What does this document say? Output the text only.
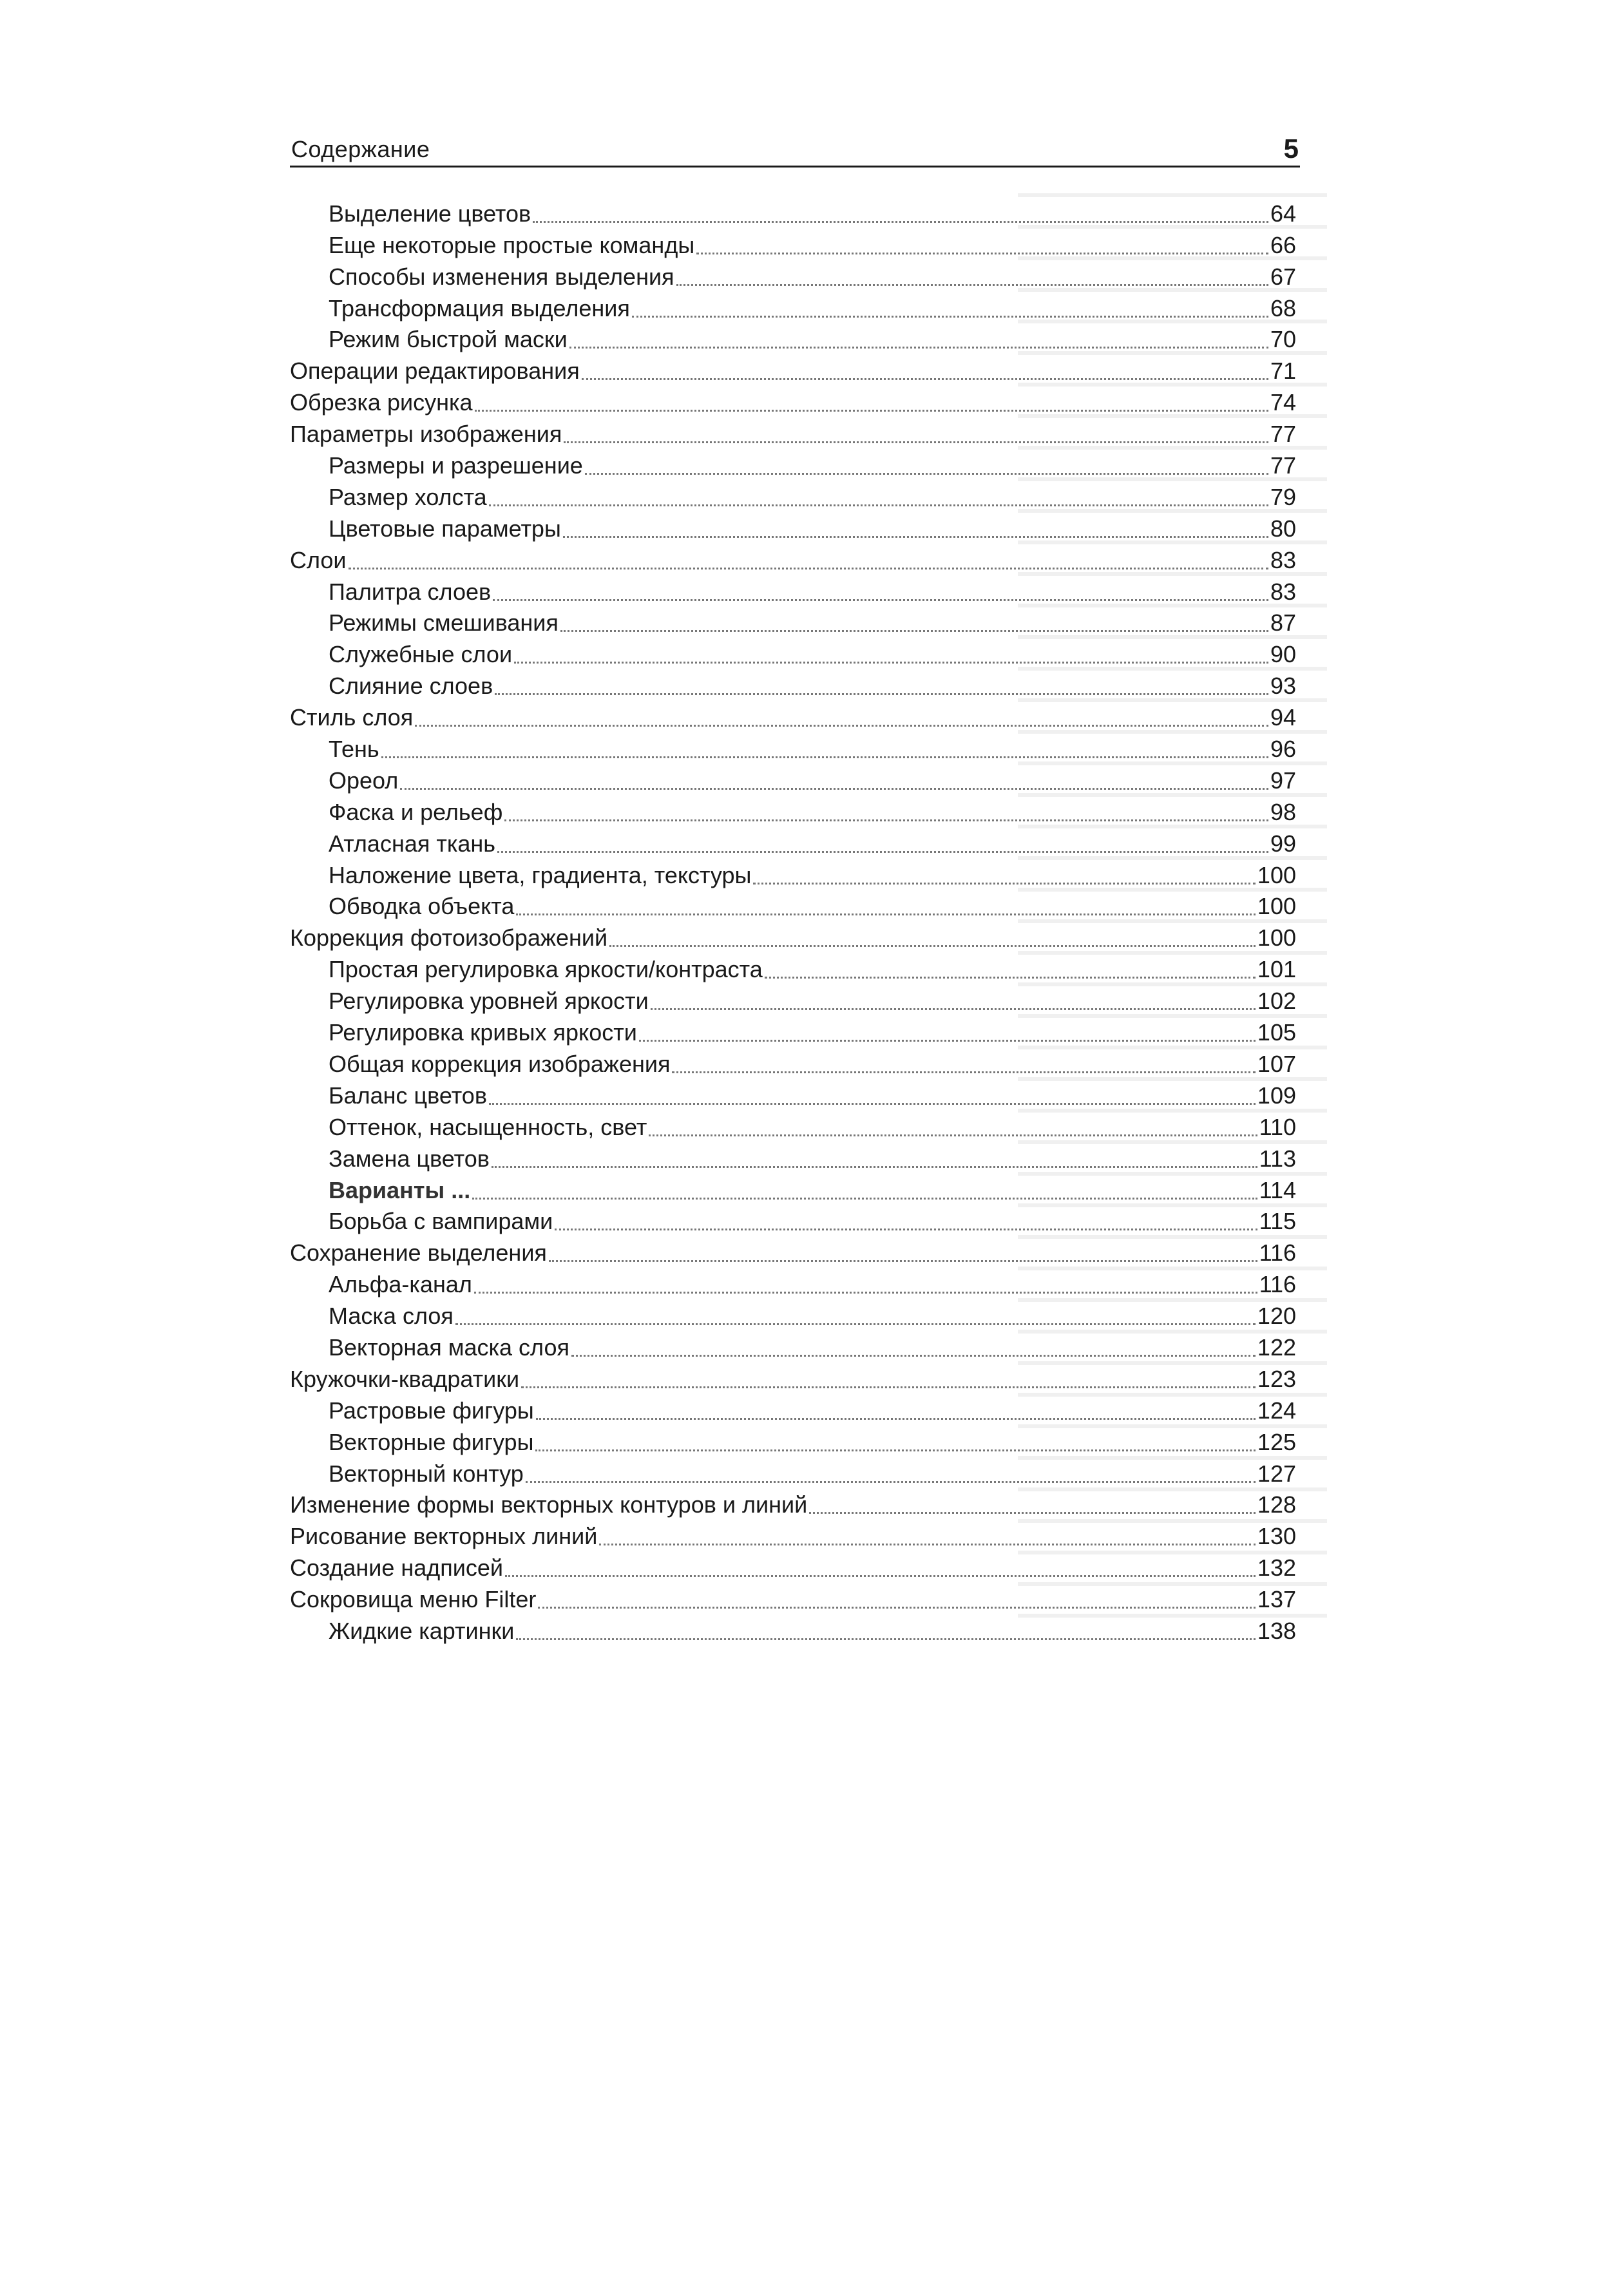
Содержание	5
Выделение цветов	64
Еще некоторые простые команды	66
Способы изменения выделения	67
Трансформация выделения	68
Режим быстрой маски	70
Операции редактирования	71
Обрезка рисунка	74
Параметры изображения	77
Размеры и разрешение	77
Размер холста	79
Цветовые параметры	80
Слои	83
Палитра слоев	83
Режимы смешивания	87
Служебные слои	90
Слияние слоев	93
Стиль слоя	94
Тень	96
Ореол	97
Фаска и рельеф	98
Атласная ткань	99
Наложение цвета, градиента, текстуры	100
Обводка объекта	100
Коррекция фотоизображений	100
Простая регулировка яркости/контраста	101
Регулировка уровней яркости	102
Регулировка кривых яркости	105
Общая коррекция изображения	107
Баланс цветов	109
Оттенок, насыщенность, свет	110
Замена цветов	113
Варианты ...	114
Борьба с вампирами	115
Сохранение выделения	116
Альфа-канал	116
Маска слоя	120
Векторная маска слоя	122
Кружочки-квадратики	123
Растровые фигуры	124
Векторные фигуры	125
Векторный контур	127
Изменение формы векторных контуров и линий	128
Рисование векторных линий	130
Создание надписей	132
Сокровища меню Filter	137
Жидкие картинки	138
